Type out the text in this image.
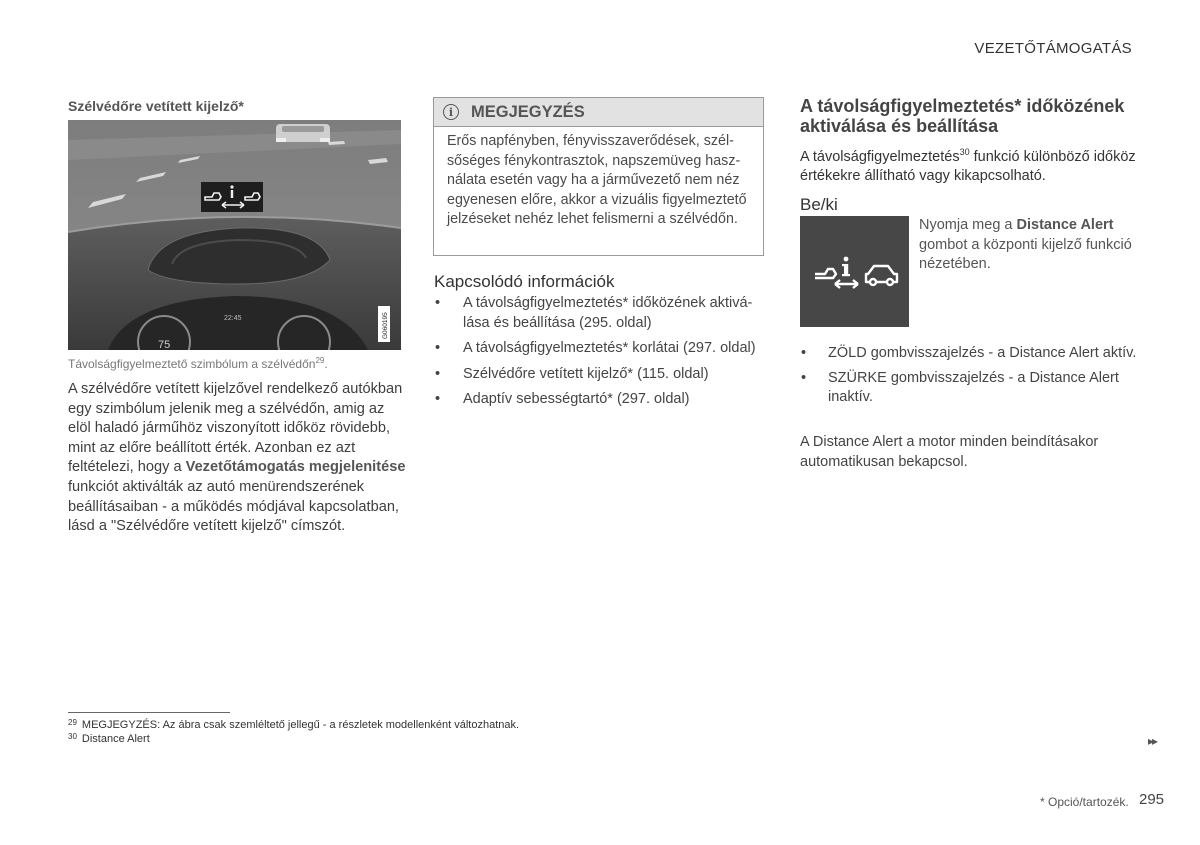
VEZETŐTÁMOGATÁS
Szélvédőre vetített kijelző*
75
22:45	G060195
Távolságfigyelmeztető szimbólum a szélvédőn$^{29}$.
A szélvédőre vetített kijelzővel rendelkező autókban egy szimbólum jelenik meg a szélvédőn, amig az elöl haladó járműhöz viszonyított időköz rövidebb, mint az előre beállított érték. Azonban ez azt feltételezi, hogy a Vezetőtámogatás megjelenitése funkciót aktiválták az autó menürendszerének beállításaiban - a működés módjával kapcsolatban, lásd a "Szélvédőre vetített kijelző" címszót.
i	MEGJEGYZÉS
Erős napfényben, fényvisszaverődések, szélsőséges fénykontrasztok, napszemüveg használata esetén vagy ha a járművezető nem néz egyenesen előre, akkor a vizuális figyelmeztető jelzéseket nehéz lehet felismerni a szélvédőn.
Kapcsolódó információk
• A távolságfigyelmeztetés* időközének aktiválása és beállítása (295. oldal)
• A távolságfigyelmeztetés* korlátai (297. oldal)
• Szélvédőre vetített kijelző* (115. oldal)
• Adaptív sebességtartó* (297. oldal)
A távolságfigyelmeztetés* időközének aktiválása és beállítása
A távolságfigyelmeztetés$^{30}$ funkció különböző időköz értékekre állítható vagy kikapcsolható.
Be/ki
Nyomja meg a Distance Alert gombot a központi kijelző funkció nézetében.
• ZÖLD gombvisszajelzés - a Distance Alert aktív.
• SZÜRKE gombvisszajelzés - a Distance Alert inaktív.
A Distance Alert a motor minden beindításakor automatikusan bekapcsol.
$^{29}$ MEGJEGYZÉS: Az ábra csak szemléltető jellegű - a részletek modellenként változhatnak.
$^{30}$ Distance Alert	▸▸
* Opció/tartozék. 295
